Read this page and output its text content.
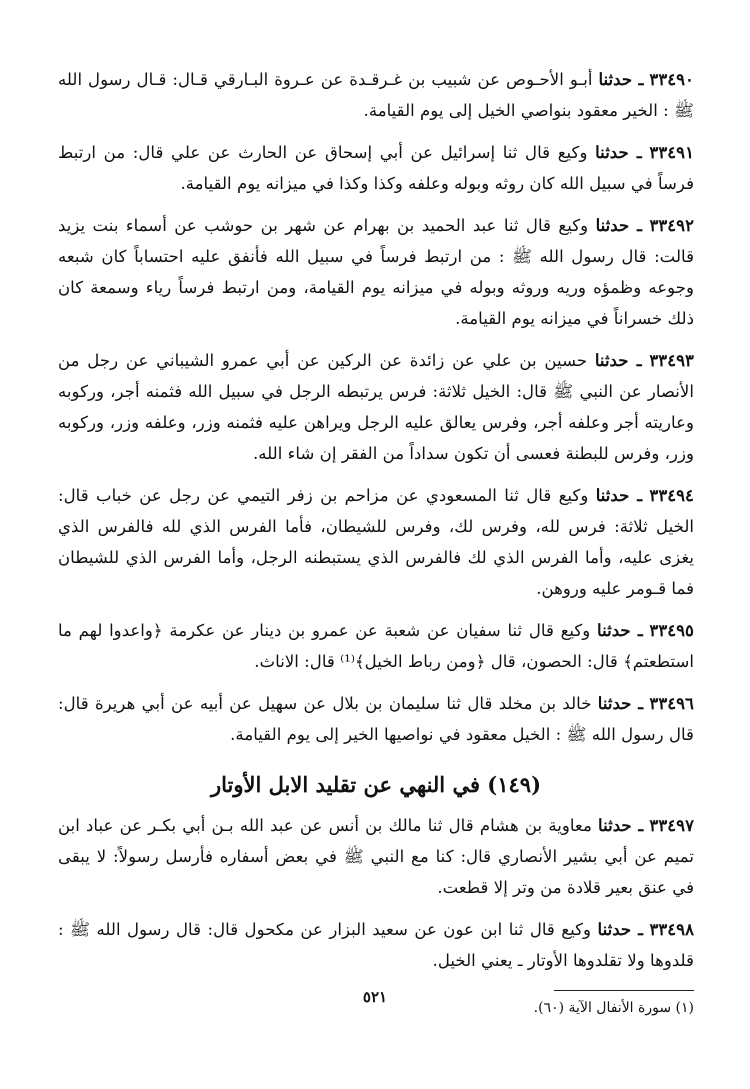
٣٣٤٩٠ ـ حدثنا أبـو الأحـوص عن شبيب بن غـرقـدة عن عـروة البـارقي قـال: قـال رسول الله ﷺ : الخير معقود بنواصي الخيل إلى يوم القيامة.

٣٣٤٩١ ـ حدثنا وكيع قال ثنا إسرائيل عن أبي إسحاق عن الحارث عن علي قال: من ارتبط فرساً في سبيل الله كان روثه وبوله وعلفه وكذا وكذا في ميزانه يوم القيامة.

٣٣٤٩٢ ـ حدثنا وكيع قال ثنا عبد الحميد بن بهرام عن شهر بن حوشب عن أسماء بنت يزيد قالت: قال رسول الله ﷺ : من ارتبط فرساً في سبيل الله فأنفق عليه احتساباً كان شبعه وجوعه وظمؤه وريه وروثه وبوله في ميزانه يوم القيامة، ومن ارتبط فرساً رياء وسمعة كان ذلك خسراناً في ميزانه يوم القيامة.

٣٣٤٩٣ ـ حدثنا حسين بن علي عن زائدة عن الركين عن أبي عمرو الشيباني عن رجل من الأنصار عن النبي ﷺ قال: الخيل ثلاثة: فرس يرتبطه الرجل في سبيل الله فثمنه أجر، وركوبه وعاريته أجر وعلفه أجر، وفرس يعالق عليه الرجل ويراهن عليه فثمنه وزر، وعلفه وزر، وركوبه وزر، وفرس للبطنة فعسى أن تكون سداداً من الفقر إن شاء الله.

٣٣٤٩٤ ـ حدثنا وكيع قال ثنا المسعودي عن مزاحم بن زفر التيمي عن رجل عن خباب قال: الخيل ثلاثة: فرس لله، وفرس لك، وفرس للشيطان، فأما الفرس الذي لله فالفرس الذي يغزى عليه، وأما الفرس الذي لك فالفرس الذي يستبطنه الرجل، وأما الفرس الذي للشيطان فما قـومر عليه وروهن.

٣٣٤٩٥ ـ حدثنا وكيع قال ثنا سفيان عن شعبة عن عمرو بن دينار عن عكرمة ﴿واعدوا لهم ما استطعتم﴾ قال: الحصون، قال ﴿ومن رباط الخيل﴾⁽¹⁾ قال: الاناث.

٣٣٤٩٦ ـ حدثنا خالد بن مخلد قال ثنا سليمان بن بلال عن سهيل عن أبيه عن أبي هريرة قال: قال رسول الله ﷺ : الخيل معقود في نواصيها الخير إلى يوم القيامة.

(١٤٩) في النهي عن تقليد الابل الأوتار

٣٣٤٩٧ ـ حدثنا معاوية بن هشام قال ثنا مالك بن أنس عن عبد الله بـن أبي بكـر عن عباد ابن تميم عن أبي بشير الأنصاري قال: كنا مع النبي ﷺ في بعض أسفاره فأرسل رسولاً: لا يبقى في عنق بعير قلادة من وتر إلا قطعت.

٣٣٤٩٨ ـ حدثنا وكيع قال ثنا ابن عون عن سعيد البزار عن مكحول قال: قال رسول الله ﷺ : قلدوها ولا تقلدوها الأوتار ـ يعني الخيل.

(١) سورة الأنفال الآية (٦٠).

٥٢١
